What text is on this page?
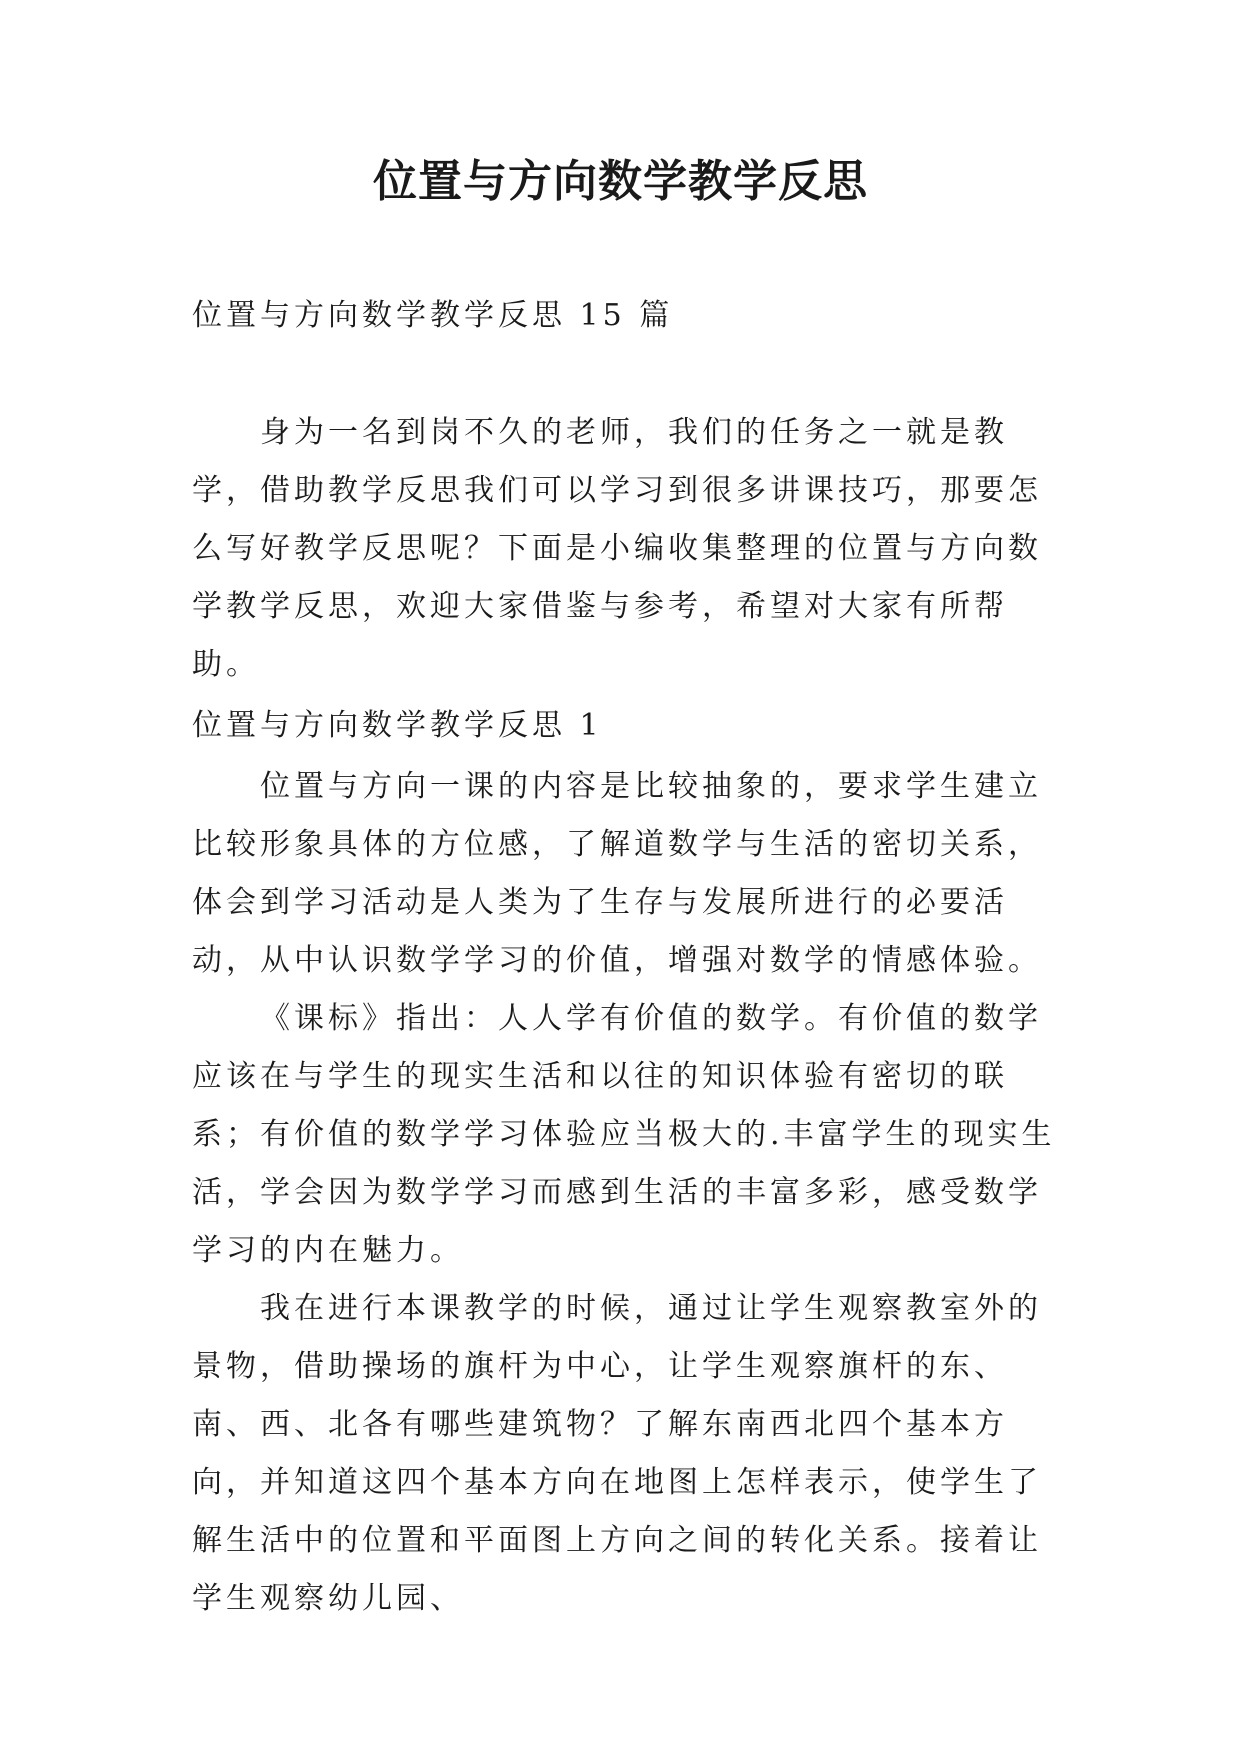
位置与方向数学教学反思

位置与方向数学教学反思 15 篇

身为一名到岗不久的老师，我们的任务之一就是教学，借助教学反思我们可以学习到很多讲课技巧，那要怎么写好教学反思呢？下面是小编收集整理的位置与方向数学教学反思，欢迎大家借鉴与参考，希望对大家有所帮助。

位置与方向数学教学反思 1

位置与方向一课的内容是比较抽象的，要求学生建立比较形象具体的方位感，了解道数学与生活的密切关系，体会到学习活动是人类为了生存与发展所进行的必要活动，从中认识数学学习的价值，增强对数学的情感体验。

《课标》指出：人人学有价值的数学。有价值的数学应该在与学生的现实生活和以往的知识体验有密切的联系；有价值的数学学习体验应当极大的.丰富学生的现实生活，学会因为数学学习而感到生活的丰富多彩，感受数学学习的内在魅力。

我在进行本课教学的时候，通过让学生观察教室外的景物，借助操场的旗杆为中心，让学生观察旗杆的东、南、西、北各有哪些建筑物？了解东南西北四个基本方向，并知道这四个基本方向在地图上怎样表示，使学生了解生活中的位置和平面图上方向之间的转化关系。接着让学生观察幼儿园、
